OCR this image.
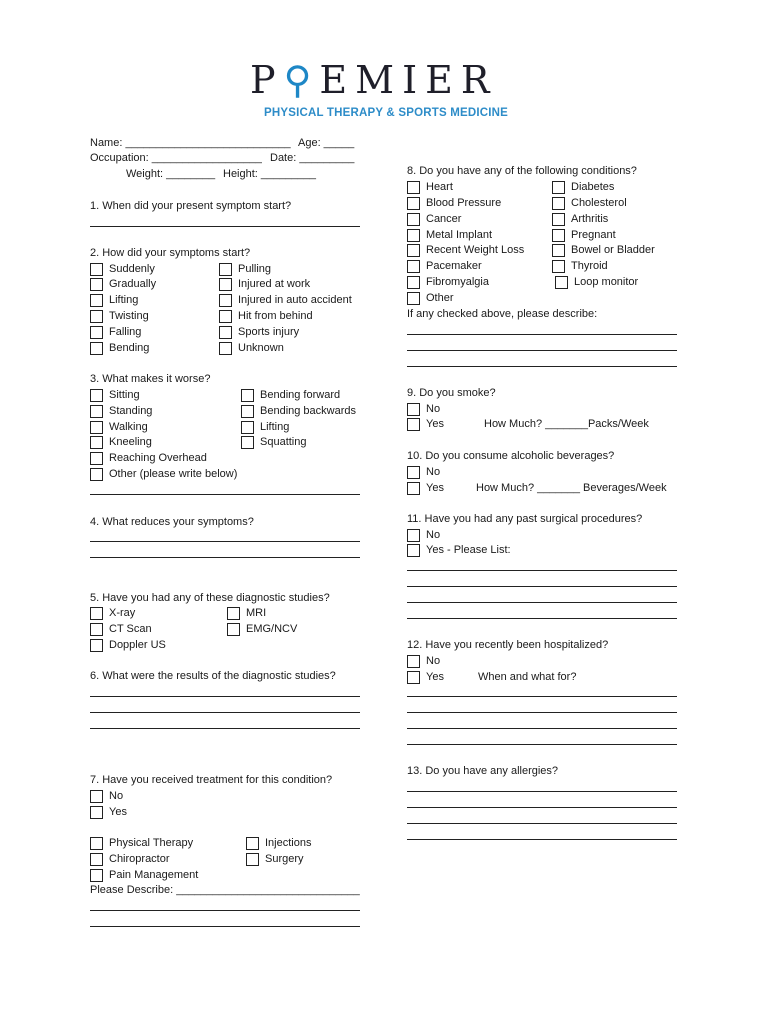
P⚲EMIER
PHYSICAL THERAPY & SPORTS MEDICINE
Name: ___________________________ Age: _____
Occupation: __________________ Date: _________
Weight: ________ Height: _________
1. When did your present symptom start?
2. How did your symptoms start?
Suddenly
Gradually
Lifting
Twisting
Falling
Bending
Pulling
Injured at work
Injured in auto accident
Hit from behind
Sports injury
Unknown
3. What makes it worse?
Sitting
Standing
Walking
Kneeling
Reaching Overhead
Other (please write below)
Bending forward
Bending backwards
Lifting
Squatting
4. What reduces your symptoms?
5. Have you had any of these diagnostic studies?
X-ray
CT Scan
Doppler US
MRI
EMG/NCV
6. What were the results of the diagnostic studies?
7. Have you received treatment for this condition?
No
Yes
Physical Therapy
Chiropractor
Pain Management
Injections
Surgery
Please Describe: ______________________________
8. Do you have any of the following conditions?
Heart
Blood Pressure
Cancer
Metal Implant
Recent Weight Loss
Pacemaker
Fibromyalgia
Other
Diabetes
Cholesterol
Arthritis
Pregnant
Bowel or Bladder
Thyroid
Loop monitor
If any checked above, please describe:
9. Do you smoke?
No
Yes	How Much? _______Packs/Week
10. Do you consume alcoholic beverages?
No
Yes	How Much? _______ Beverages/Week
11. Have you had any past surgical procedures?
No
Yes - Please List:
12. Have you recently been hospitalized?
No
Yes	When and what for?
13. Do you have any allergies?
